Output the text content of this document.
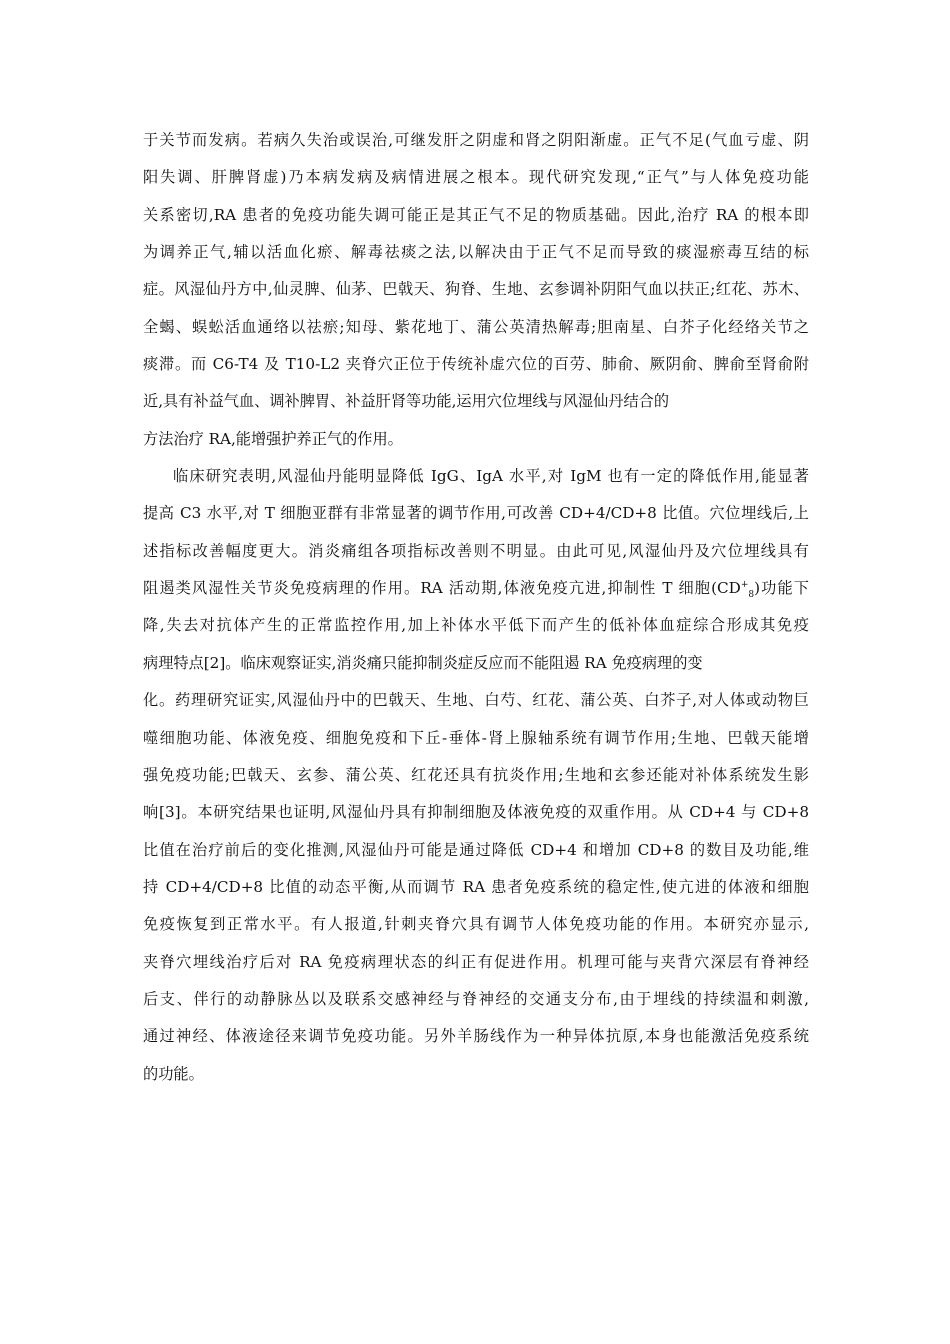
于关节而发病。若病久失治或误治,可继发肝之阴虚和肾之阴阳渐虚。正气不足(气血亏虚、阴
阳失调、肝脾肾虚)乃本病发病及病情进展之根本。现代研究发现,“正气”与人体免疫功能
关系密切,RA 患者的免疫功能失调可能正是其正气不足的物质基础。因此,治疗 RA 的根本即
为调养正气,辅以活血化瘀、解毒祛痰之法,以解决由于正气不足而导致的痰湿瘀毒互结的标
症。风湿仙丹方中,仙灵脾、仙茅、巴戟天、狗脊、生地、玄参调补阴阳气血以扶正;红花、苏木、
全蝎、蜈蚣活血通络以祛瘀;知母、紫花地丁、蒲公英清热解毒;胆南星、白芥子化经络关节之
痰滞。而 C6-T4 及 T10-L2 夹脊穴正位于传统补虚穴位的百劳、肺俞、厥阴俞、脾俞至肾俞附
近,具有补益气血、调补脾胃、补益肝肾等功能,运用穴位埋线与风湿仙丹结合的
方法治疗 RA,能增强护养正气的作用。
临床研究表明,风湿仙丹能明显降低 IgG、IgA 水平,对 IgM 也有一定的降低作用,能显著
提高 C3 水平,对 T 细胞亚群有非常显著的调节作用,可改善 CD+4/CD+8 比值。穴位埋线后,上
述指标改善幅度更大。消炎痛组各项指标改善则不明显。由此可见,风湿仙丹及穴位埋线具有
阻遏类风湿性关节炎免疫病理的作用。RA 活动期,体液免疫亢进,抑制性 T 细胞$(CD^+_8)$功能下
降,失去对抗体产生的正常监控作用,加上补体水平低下而产生的低补体血症综合形成其免疫
病理特点[2]。临床观察证实,消炎痛只能抑制炎症反应而不能阻遏 RA 免疫病理的变
化。药理研究证实,风湿仙丹中的巴戟天、生地、白芍、红花、蒲公英、白芥子,对人体或动物巨
噬细胞功能、体液免疫、细胞免疫和下丘-垂体-肾上腺轴系统有调节作用;生地、巴戟天能增
强免疫功能;巴戟天、玄参、蒲公英、红花还具有抗炎作用;生地和玄参还能对补体系统发生影
响[3]。本研究结果也证明,风湿仙丹具有抑制细胞及体液免疫的双重作用。从 CD+4 与 CD+8
比值在治疗前后的变化推测,风湿仙丹可能是通过降低 CD+4 和增加 CD+8 的数目及功能,维
持 CD+4/CD+8 比值的动态平衡,从而调节 RA 患者免疫系统的稳定性,使亢进的体液和细胞
免疫恢复到正常水平。有人报道,针刺夹脊穴具有调节人体免疫功能的作用。本研究亦显示,
夹脊穴埋线治疗后对 RA 免疫病理状态的纠正有促进作用。机理可能与夹背穴深层有脊神经
后支、伴行的动静脉丛以及联系交感神经与脊神经的交通支分布,由于埋线的持续温和刺激,
通过神经、体液途径来调节免疫功能。另外羊肠线作为一种异体抗原,本身也能激活免疫系统
的功能。
